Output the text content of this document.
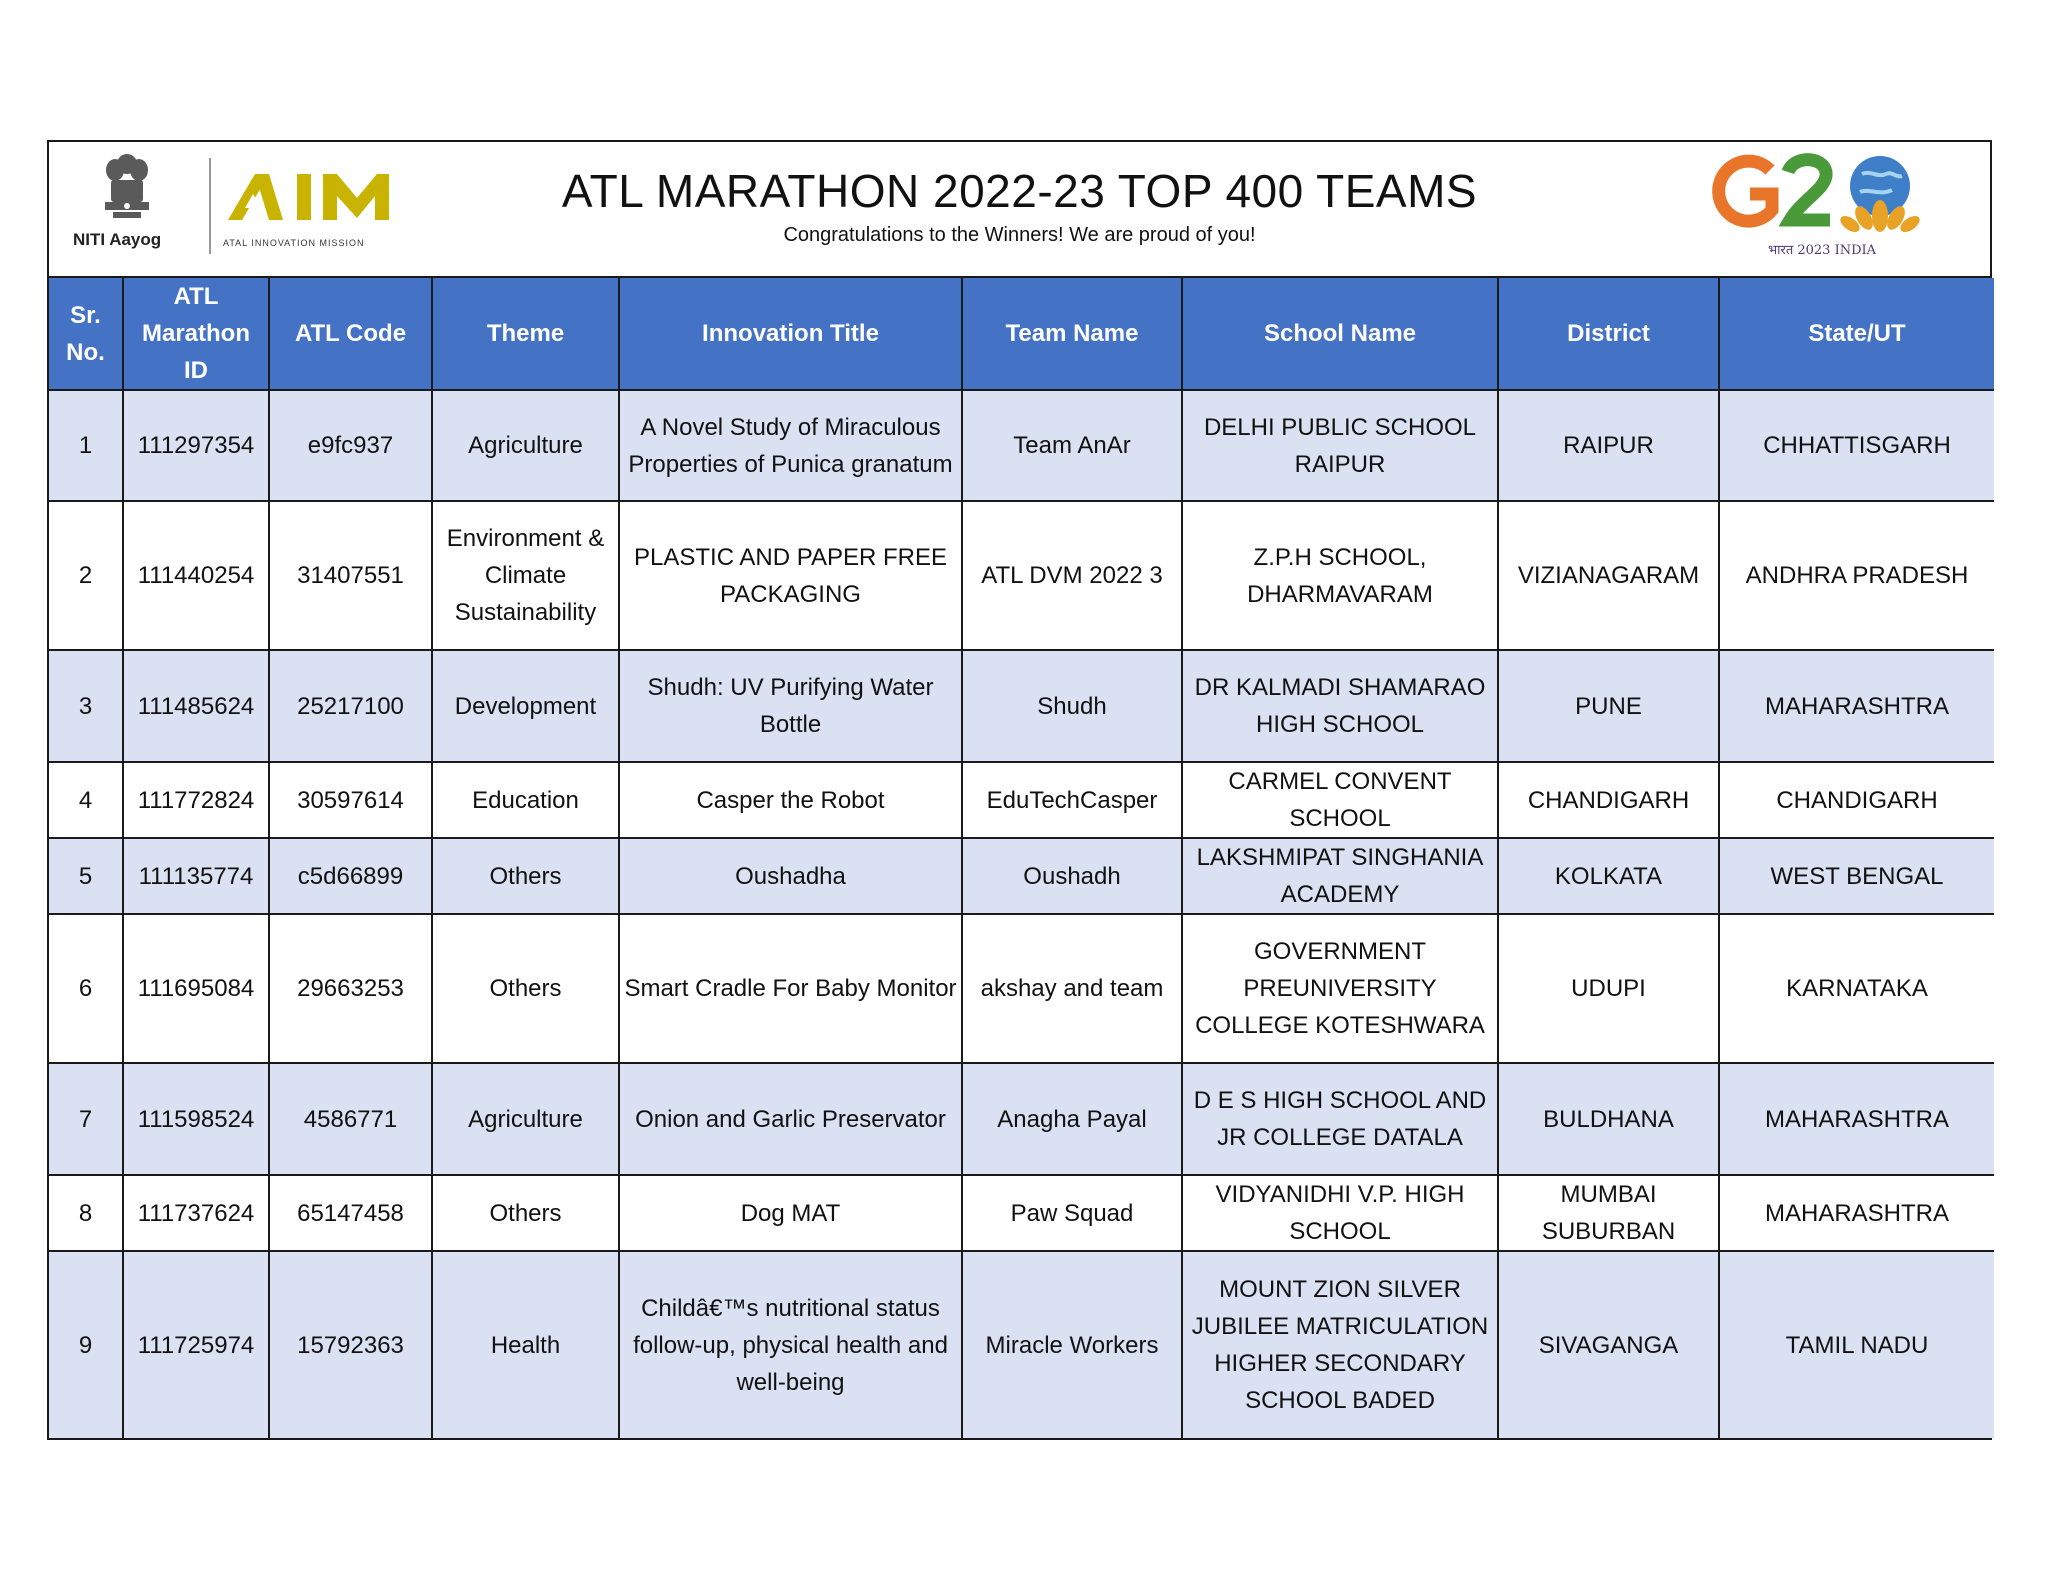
NITI Aayog	ATAL INNOVATION MISSION
ATL MARATHON 2022-23 TOP 400 TEAMS
Congratulations to the Winners! We are proud of you!
भारत 2023 INDIA
Sr. No.	ATL Marathon ID	ATL Code	Theme	Innovation Title	Team Name	School Name	District	State/UT
1	111297354	e9fc937	Agriculture	A Novel Study of Miraculous Properties of Punica granatum	Team AnAr	DELHI PUBLIC SCHOOL RAIPUR	RAIPUR	CHHATTISGARH
2	111440254	31407551	Environment & Climate Sustainability	PLASTIC AND PAPER FREE PACKAGING	ATL DVM 2022 3	Z.P.H SCHOOL, DHARMAVARAM	VIZIANAGARAM	ANDHRA PRADESH
3	111485624	25217100	Development	Shudh: UV Purifying Water Bottle	Shudh	DR KALMADI SHAMARAO HIGH SCHOOL	PUNE	MAHARASHTRA
4	111772824	30597614	Education	Casper the Robot	EduTechCasper	CARMEL CONVENT SCHOOL	CHANDIGARH	CHANDIGARH
5	111135774	c5d66899	Others	Oushadha	Oushadh	LAKSHMIPAT SINGHANIA ACADEMY	KOLKATA	WEST BENGAL
6	111695084	29663253	Others	Smart Cradle For Baby Monitor	akshay and team	GOVERNMENT PREUNIVERSITY COLLEGE KOTESHWARA	UDUPI	KARNATAKA
7	111598524	4586771	Agriculture	Onion and Garlic Preservator	Anagha Payal	D E S HIGH SCHOOL AND JR COLLEGE DATALA	BULDHANA	MAHARASHTRA
8	111737624	65147458	Others	Dog MAT	Paw Squad	VIDYANIDHI V.P. HIGH SCHOOL	MUMBAI SUBURBAN	MAHARASHTRA
9	111725974	15792363	Health	Childâ€™s nutritional status follow-up, physical health and well-being	Miracle Workers	MOUNT ZION SILVER JUBILEE MATRICULATION HIGHER SECONDARY SCHOOL BADED	SIVAGANGA	TAMIL NADU
